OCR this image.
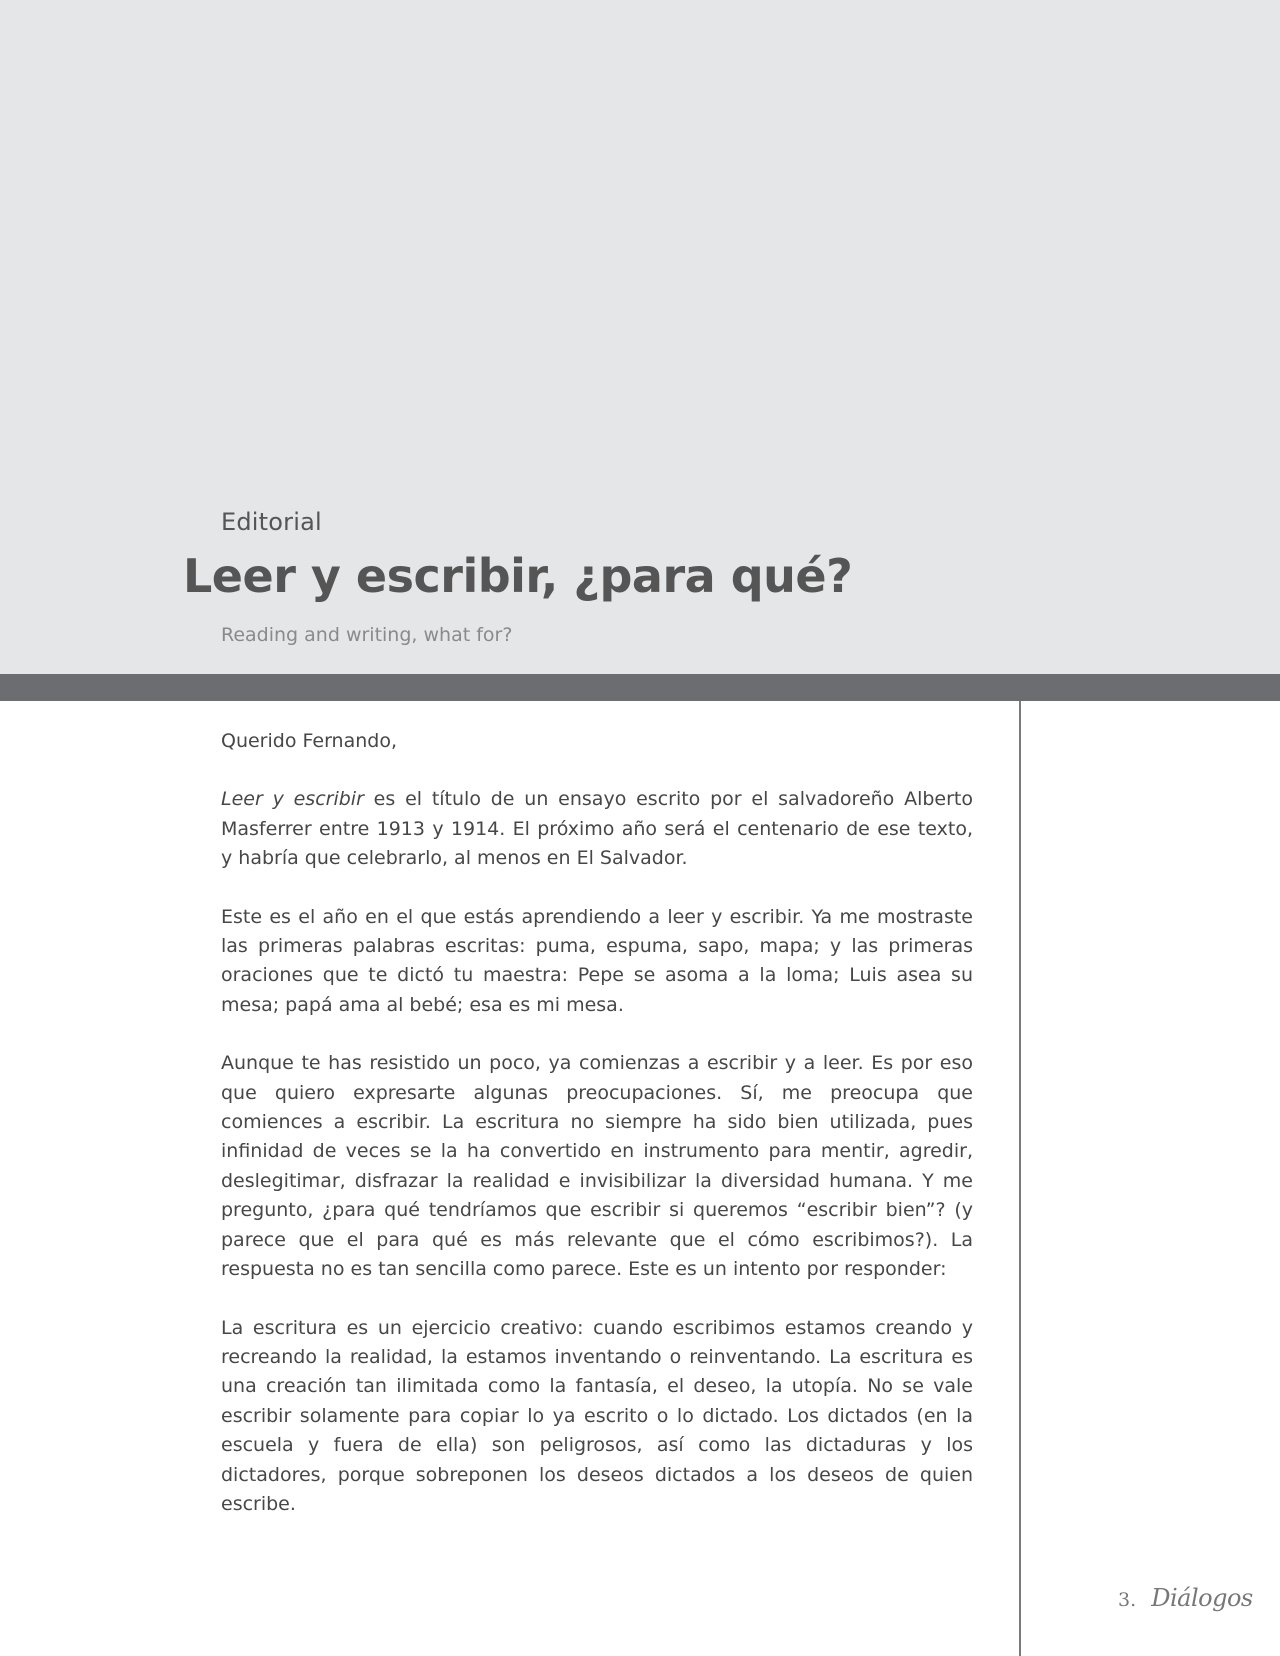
Editorial
Leer y escribir, ¿para qué?
Reading and writing, what for?

Querido Fernando,

Leer y escribir es el título de un ensayo escrito por el salvadoreño Alberto Masferrer entre 1913 y 1914. El próximo año será el centenario de ese texto, y habría que celebrarlo, al menos en El Salvador.

Este es el año en el que estás aprendiendo a leer y escribir. Ya me mostraste las primeras palabras escritas: puma, espuma, sapo, mapa; y las primeras oraciones que te dictó tu maestra: Pepe se asoma a la loma; Luis asea su mesa; papá ama al bebé; esa es mi mesa.

Aunque te has resistido un poco, ya comienzas a escribir y a leer. Es por eso que quiero expresarte algunas preocupaciones. Sí, me preocupa que comiences a escribir. La escritura no siempre ha sido bien utilizada, pues infinidad de veces se la ha convertido en instrumento para mentir, agredir, deslegitimar, disfrazar la realidad e invisibilizar la diversidad humana. Y me pregunto, ¿para qué tendríamos que escribir si queremos “escribir bien”? (y parece que el para qué es más relevante que el cómo escribimos?). La respuesta no es tan sencilla como parece. Este es un intento por responder:

La escritura es un ejercicio creativo: cuando escribimos estamos creando y recreando la realidad, la estamos inventando o reinventando. La escritura es una creación tan ilimitada como la fantasía, el deseo, la utopía. No se vale escribir solamente para copiar lo ya escrito o lo dictado. Los dictados (en la escuela y fuera de ella) son peligrosos, así como las dictaduras y los dictadores, porque sobreponen los deseos dictados a los deseos de quien escribe.

3. Diálogos
